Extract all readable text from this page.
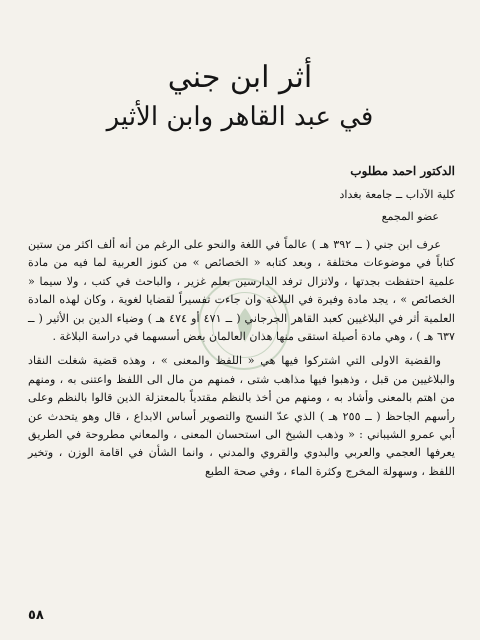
أثر ابن جني
في عبد القاهر وابن الأثير
الدكتور احمد مطلوب
كلية الآداب ــ جامعة بغداد
عضو المجمع

عرف ابن جني ( ــ ٣٩٢ هـ ) عالماً في اللغة والنحو على الرغم من أنه ألف اكثر من ستين كتاباً في موضوعات مختلفة ، وبعد كتابه « الخصائص » من كنوز العربية لما فيه من مادة علمية احتفظت بجدتها ، ولاتزال ترفد الدارسين بعلم غزير ، والباحث في كتب ، ولا سيما « الخصائص » ، يجد مادة وفيرة في البلاغة وان جاءت تفسيراً لقضايا لغوية ، وكان لهذه المادة العلمية أثر في البلاغيين كعبد القاهر الجرجاني ( ــ ٤٧١ أو ٤٧٤ هـ ) وضياء الدين بن الأثير ( ــ ٦٣٧ هـ ) ، وهي مادة أصيلة استقى منها هذان العالمان بعض أسسهما في دراسة البلاغة .

والقضية الاولى التي اشتركوا فيها هي « اللفظ والمعنى » ، وهذه قضية شغلت النقاد والبلاغيين من قبل ، وذهبوا فيها مذاهب شتى ، فمنهم من مال الى اللفظ واعتنى به ، ومنهم من اهتم بالمعنى وأشاد به ، ومنهم من أخذ بالنظم مقتدياً بالمعتزلة الذين قالوا بالنظم وعلى رأسهم الجاحظ ( ــ ٢٥٥ هـ ) الذي عدّ النسج والتصوير أساس الابداع ، قال وهو يتحدث عن أبي عمرو الشيباني : « وذهب الشيخ الى استحسان المعنى ، والمعاني مطروحة في الطريق يعرفها العجمي والعربي والبدوي والقروي والمدني ، وانما الشأن في اقامة الوزن ، وتخير اللفظ ، وسهولة المخرج وكثرة الماء ، وفي صحة الطبع

٥٨
